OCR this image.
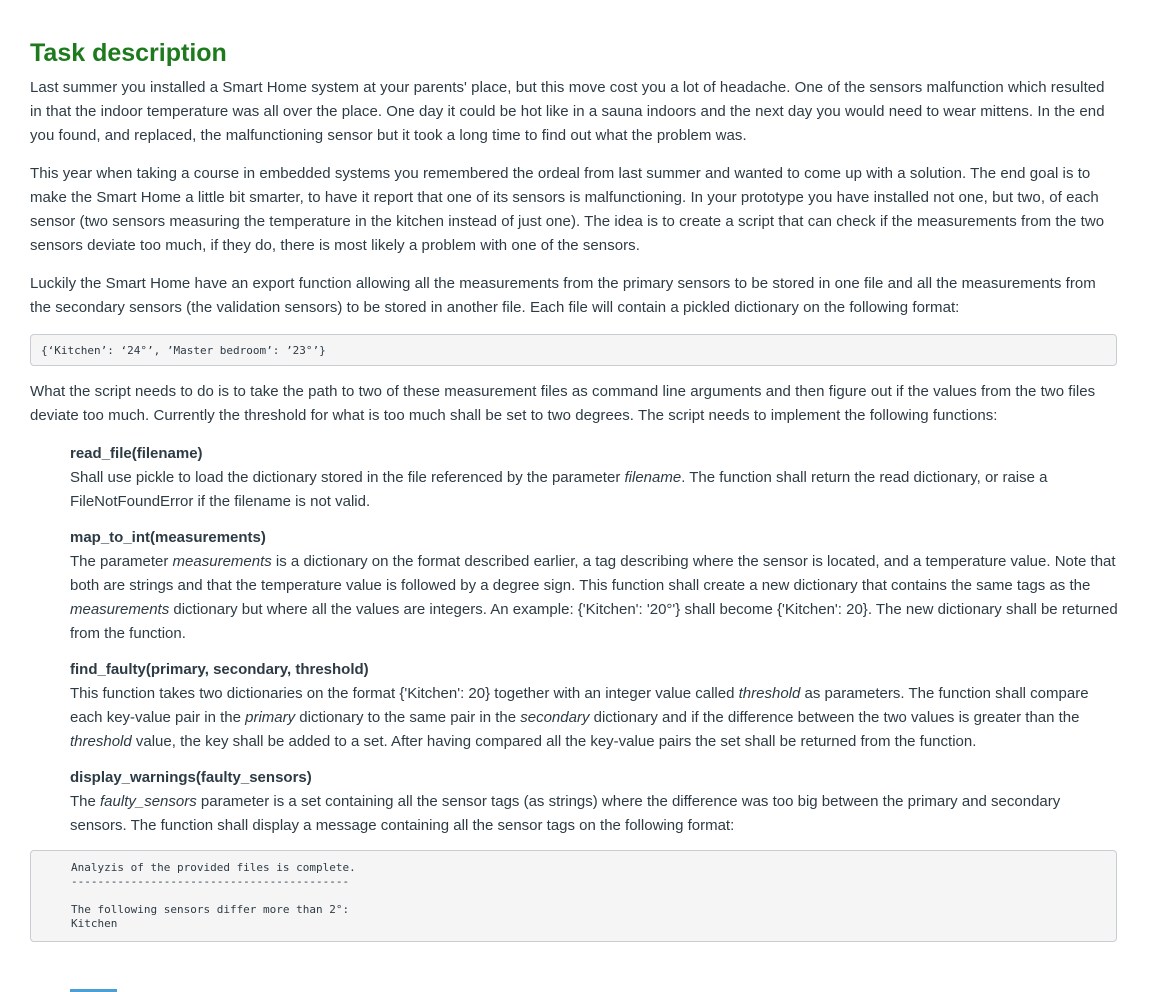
Task description

Last summer you installed a Smart Home system at your parents' place, but this move cost you a lot of headache. One of the sensors malfunction which resulted in that the indoor temperature was all over the place. One day it could be hot like in a sauna indoors and the next day you would need to wear mittens. In the end you found, and replaced, the malfunctioning sensor but it took a long time to find out what the problem was.

This year when taking a course in embedded systems you remembered the ordeal from last summer and wanted to come up with a solution. The end goal is to make the Smart Home a little bit smarter, to have it report that one of its sensors is malfunctioning. In your prototype you have installed not one, but two, of each sensor (two sensors measuring the temperature in the kitchen instead of just one). The idea is to create a script that can check if the measurements from the two sensors deviate too much, if they do, there is most likely a problem with one of the sensors.

Luckily the Smart Home have an export function allowing all the measurements from the primary sensors to be stored in one file and all the measurements from the secondary sensors (the validation sensors) to be stored in another file. Each file will contain a pickled dictionary on the following format:

{‘Kitchen’: ‘24°’, ’Master bedroom’: ’23°’}

What the script needs to do is to take the path to two of these measurement files as command line arguments and then figure out if the values from the two files deviate too much. Currently the threshold for what is too much shall be set to two degrees. The script needs to implement the following functions:

read_file(filename)

Shall use pickle to load the dictionary stored in the file referenced by the parameter filename. The function shall return the read dictionary, or raise a FileNotFoundError if the filename is not valid.

map_to_int(measurements)

The parameter measurements is a dictionary on the format described earlier, a tag describing where the sensor is located, and a temperature value. Note that both are strings and that the temperature value is followed by a degree sign. This function shall create a new dictionary that contains the same tags as the measurements dictionary but where all the values are integers. An example: {'Kitchen': '20°'} shall become {'Kitchen': 20}. The new dictionary shall be returned from the function.

find_faulty(primary, secondary, threshold)

This function takes two dictionaries on the format {'Kitchen': 20} together with an integer value called threshold as parameters. The function shall compare each key-value pair in the primary dictionary to the same pair in the secondary dictionary and if the difference between the two values is greater than the threshold value, the key shall be added to a set. After having compared all the key-value pairs the set shall be returned from the function.

display_warnings(faulty_sensors)

The faulty_sensors parameter is a set containing all the sensor tags (as strings) where the difference was too big between the primary and secondary sensors. The function shall display a message containing all the sensor tags on the following format:

Analyzis of the provided files is complete.
------------------------------------------
The following sensors differ more than 2°:
Kitchen
